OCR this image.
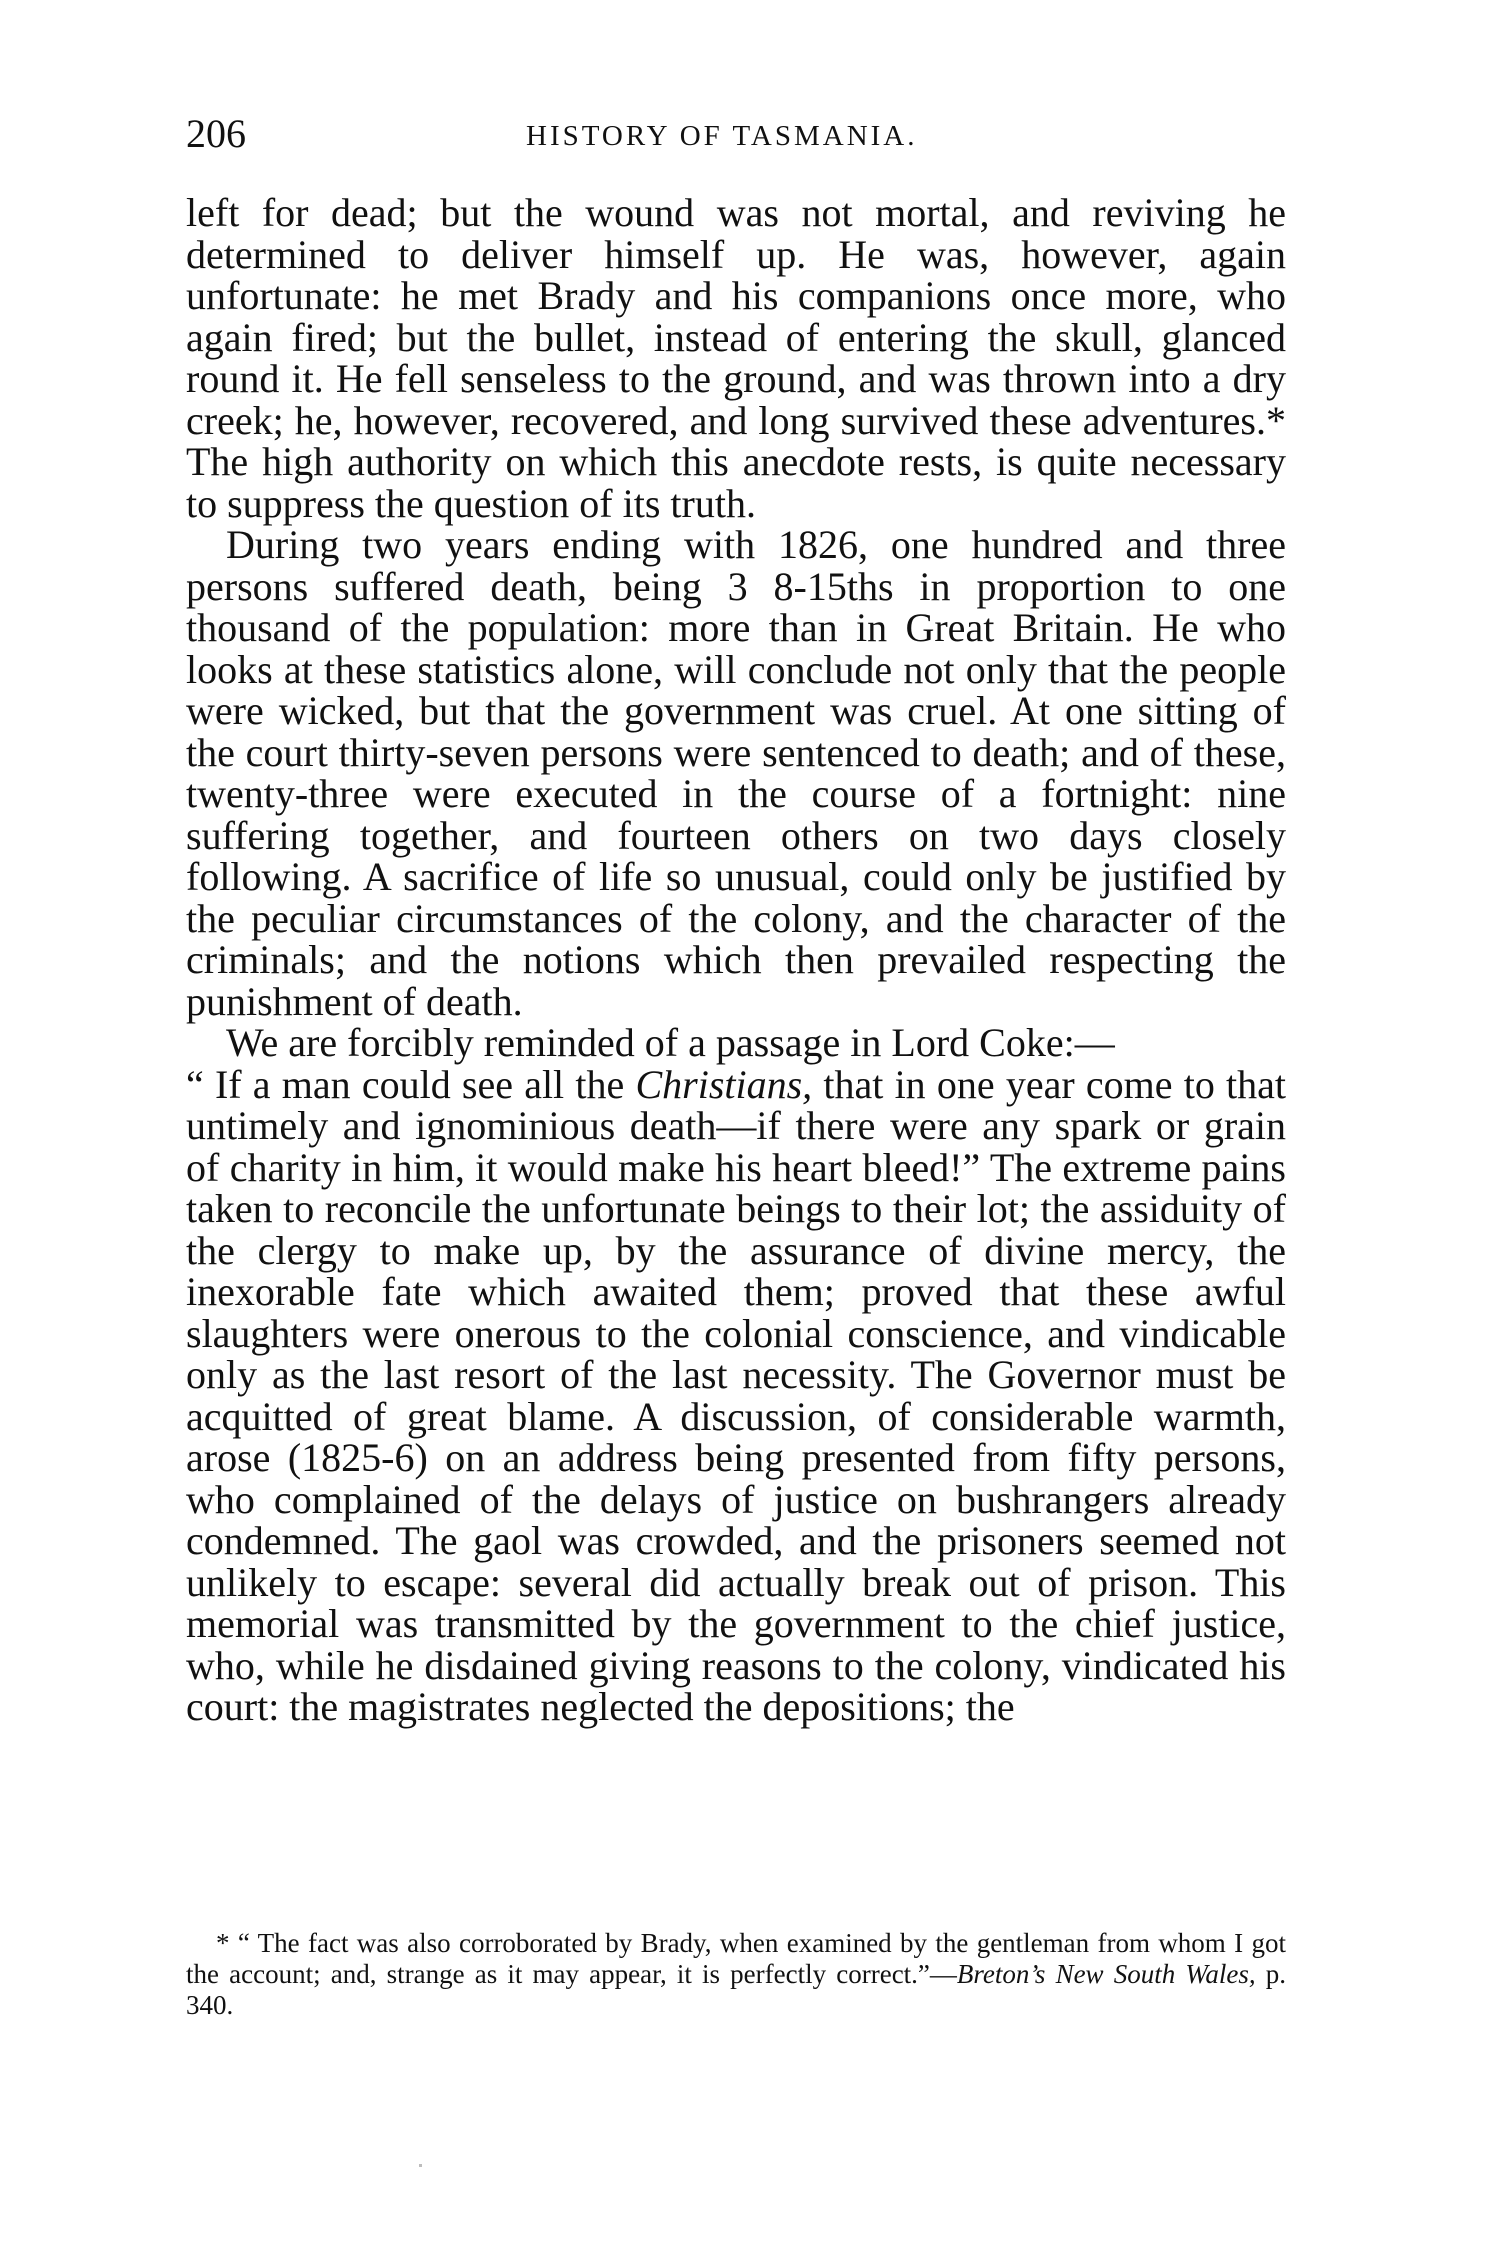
206	HISTORY OF TASMANIA.

left for dead; but the wound was not mortal, and reviving he determined to deliver himself up. He was, however, again unfortunate: he met Brady and his companions once more, who again fired; but the bullet, instead of entering the skull, glanced round it. He fell senseless to the ground, and was thrown into a dry creek; he, however, recovered, and long survived these adventures.* The high authority on which this anecdote rests, is quite necessary to suppress the question of its truth.

During two years ending with 1826, one hundred and three persons suffered death, being 3 8-15ths in proportion to one thousand of the population: more than in Great Britain. He who looks at these statistics alone, will conclude not only that the people were wicked, but that the government was cruel. At one sitting of the court thirty-seven persons were sentenced to death; and of these, twenty-three were executed in the course of a fortnight: nine suffering together, and fourteen others on two days closely following. A sacrifice of life so unusual, could only be justified by the peculiar circumstances of the colony, and the character of the criminals; and the notions which then prevailed respecting the punishment of death.

We are forcibly reminded of a passage in Lord Coke:—

“ If a man could see all the Christians, that in one year come to that untimely and ignominious death—if there were any spark or grain of charity in him, it would make his heart bleed!” The extreme pains taken to reconcile the unfortunate beings to their lot; the assiduity of the clergy to make up, by the assurance of divine mercy, the inexorable fate which awaited them; proved that these awful slaughters were onerous to the colonial conscience, and vindicable only as the last resort of the last necessity. The Governor must be acquitted of great blame. A discussion, of considerable warmth, arose (1825-6) on an address being presented from fifty persons, who complained of the delays of justice on bushrangers already condemned. The gaol was crowded, and the prisoners seemed not unlikely to escape: several did actually break out of prison. This memorial was transmitted by the government to the chief justice, who, while he disdained giving reasons to the colony, vindicated his court: the magistrates neglected the depositions; the

* “ The fact was also corroborated by Brady, when examined by the gentleman from whom I got the account; and, strange as it may appear, it is perfectly correct.”—Breton’s New South Wales, p. 340.
